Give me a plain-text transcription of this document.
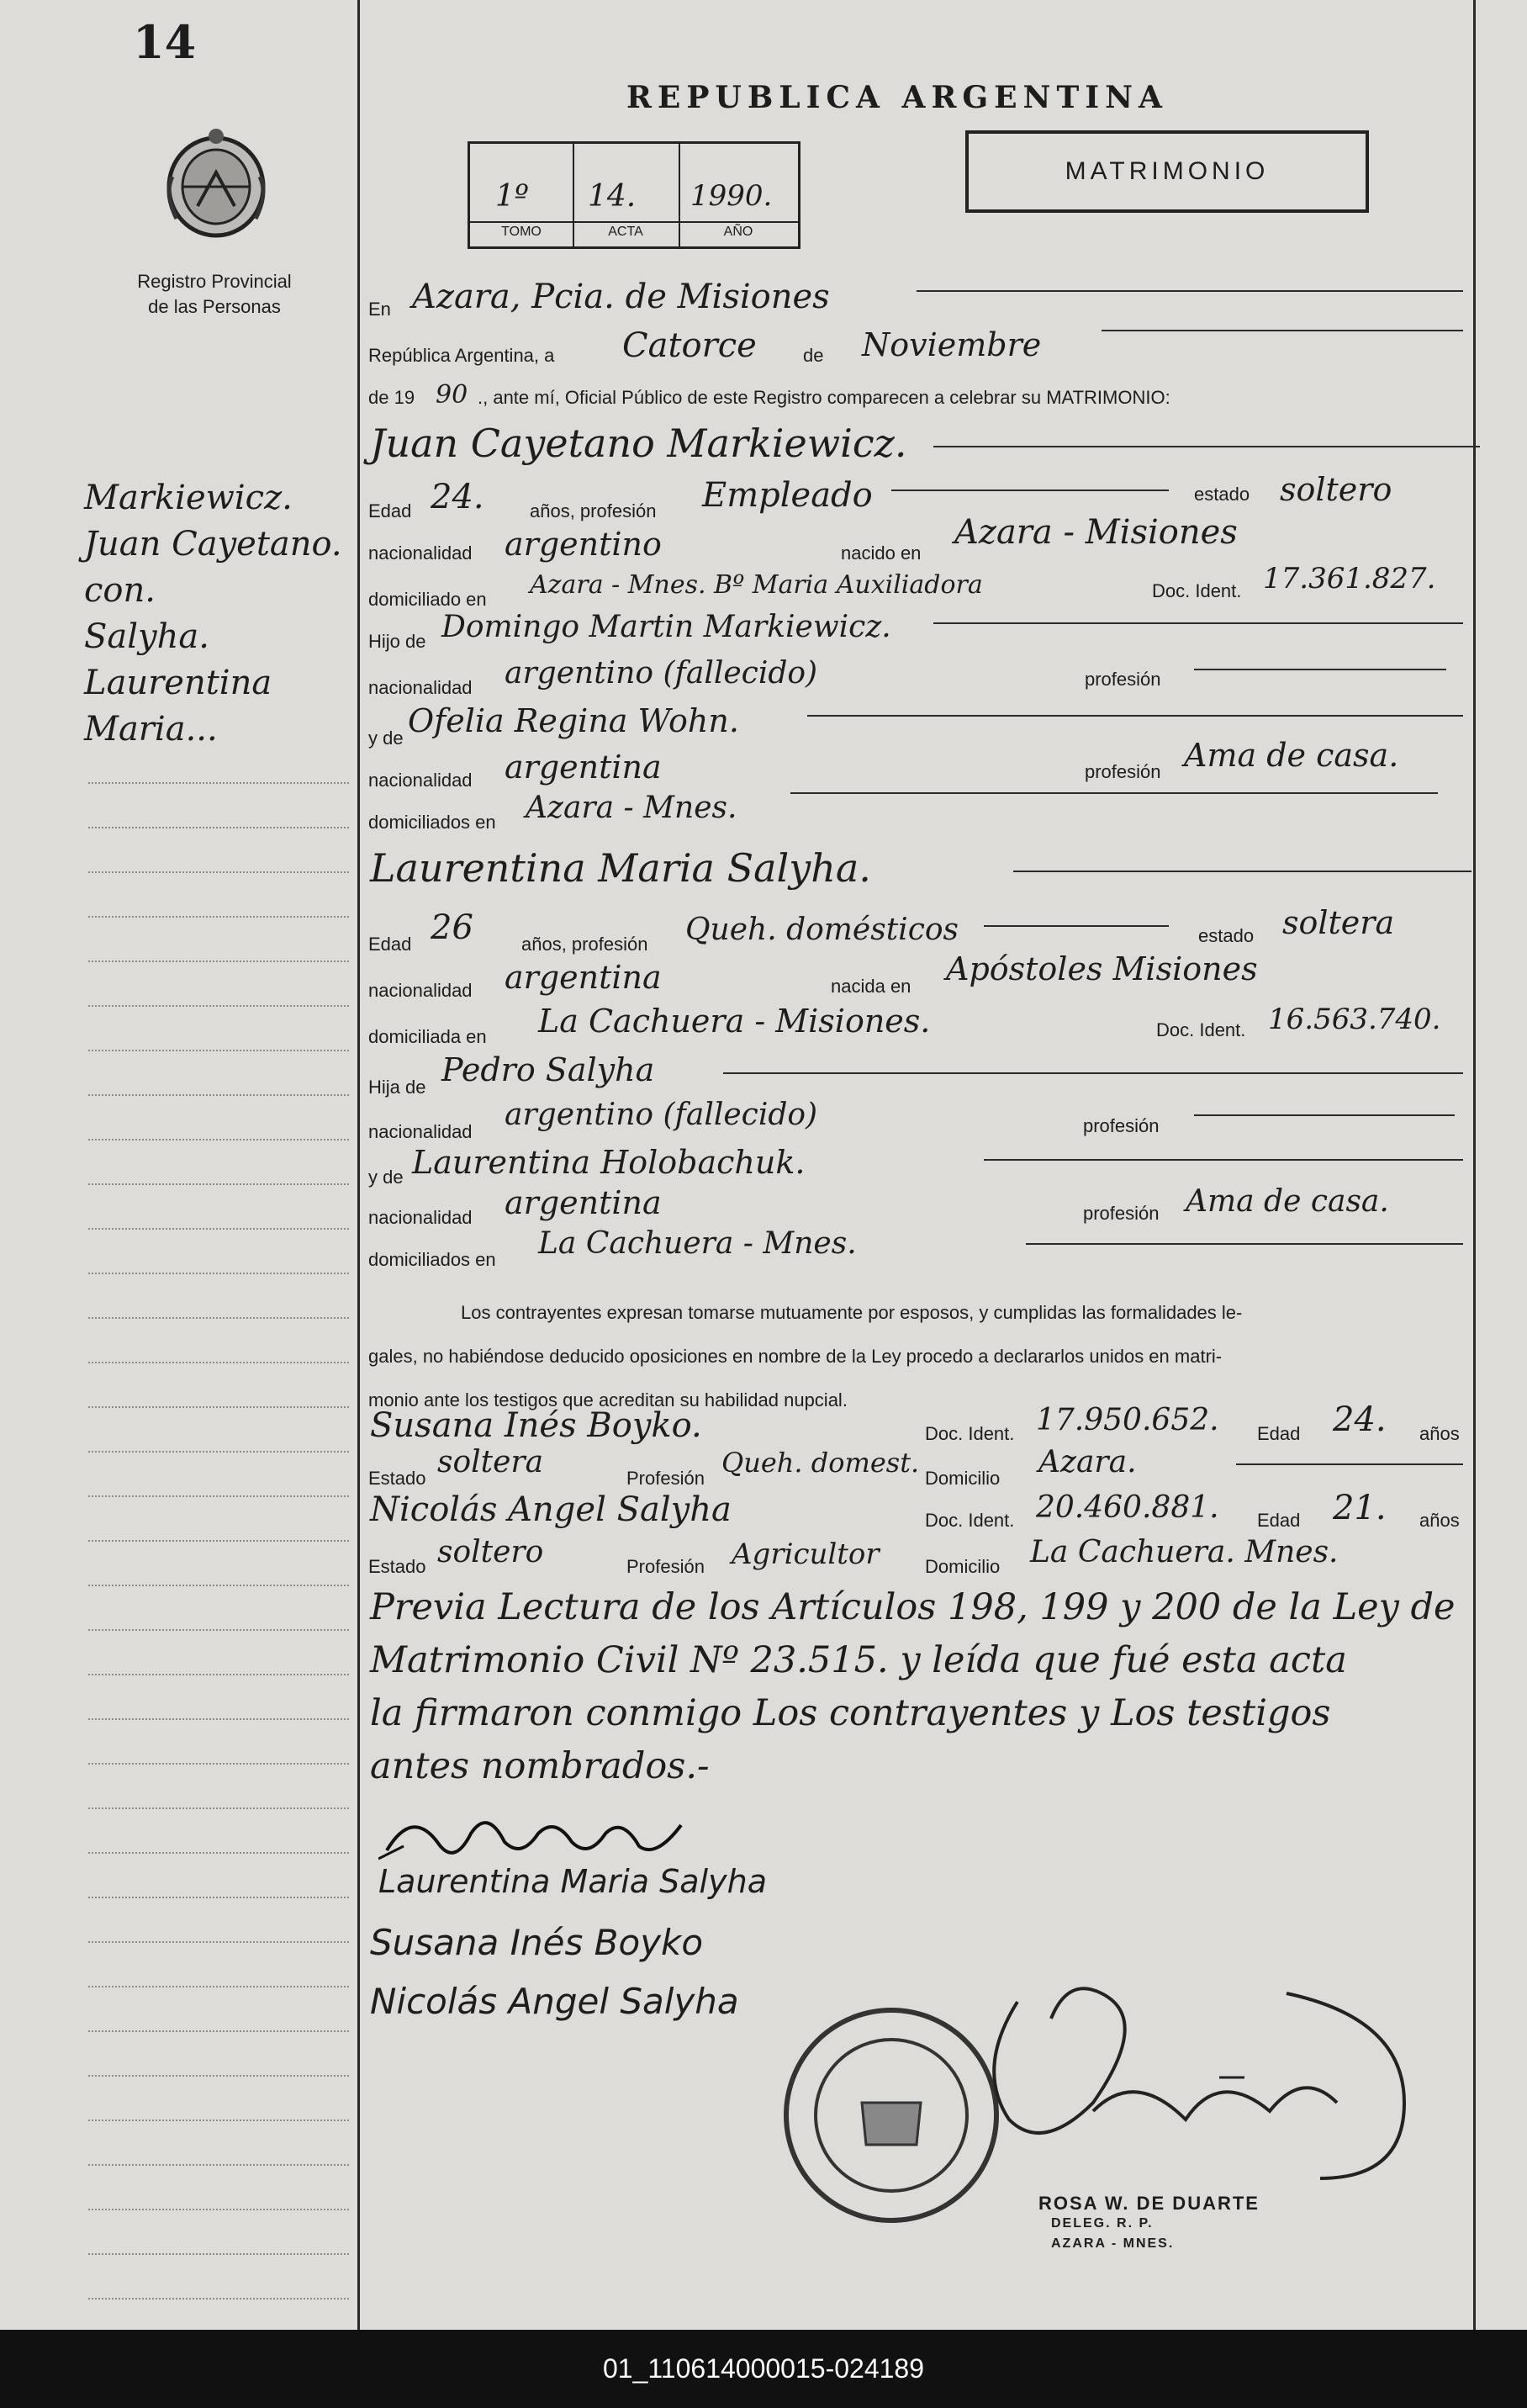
14
Registro Provincial
de las Personas
REPUBLICA ARGENTINA
1º 14. 1990.
TOMO	ACTA	AÑO
MATRIMONIO
Markiewicz.
Juan Cayetano.
con.
Salyha.
Laurentina
Maria...
En Azara, Pcia. de Misiones
República Argentina, a Catorce	de Noviembre
de 19 90 ., ante mí, Oficial Público de este Registro comparecen a celebrar su MATRIMONIO:
Juan Cayetano Markiewicz.
Edad 24. años, profesión Empleado	estado soltero
nacionalidad argentino	nacido en
Azara - Misiones
domiciliado en Azara - Mnes. Bº Maria Auxiliadora	Doc. Ident. 17.361.827.
Hijo de Domingo Martin Markiewicz.
nacionalidad argentino (fallecido)	profesión
y de Ofelia Regina Wohn.
nacionalidad argentina	profesión Ama de casa.
domiciliados en Azara - Mnes.
Laurentina Maria Salyha.
Edad 26	años, profesión Queh. domésticos	estado soltera
nacionalidad argentina	nacida en Apóstoles Misiones
domiciliada en La Cachuera - Misiones.	Doc. Ident. 16.563.740.
Hija de Pedro Salyha
nacionalidad argentino (fallecido)	profesión
y de Laurentina Holobachuk.
nacionalidad argentina	profesión Ama de casa.
domiciliados en La Cachuera - Mnes.
Los contrayentes expresan tomarse mutuamente por esposos, y cumplidas las formalidades le-
gales, no habiéndose deducido oposiciones en nombre de la Ley procedo a declararlos unidos en matri-
monio ante los testigos que acreditan su habilidad nupcial.
Susana Inés Boyko.	Doc. Ident. 17.950.652. Edad 24. años
Estado soltera	Profesión Queh. domest. Domicilio Azara.
Nicolás Angel Salyha	Doc. Ident. 20.460.881. Edad 21. años
Estado soltero	Profesión Agricultor Domicilio La Cachuera. Mnes.
Previa Lectura de los Artículos 198, 199 y 200 de la Ley de
Matrimonio Civil Nº 23.515. y leída que fué esta acta
la firmaron conmigo Los contrayentes y Los testigos
antes nombrados.-
Laurentina Maria Salyha
Susana Inés Boyko
Nicolás Angel Salyha
ROSA W. DE DUARTE
DELEG. R. P.
AZARA - MNES.
01_110614000015-024189
